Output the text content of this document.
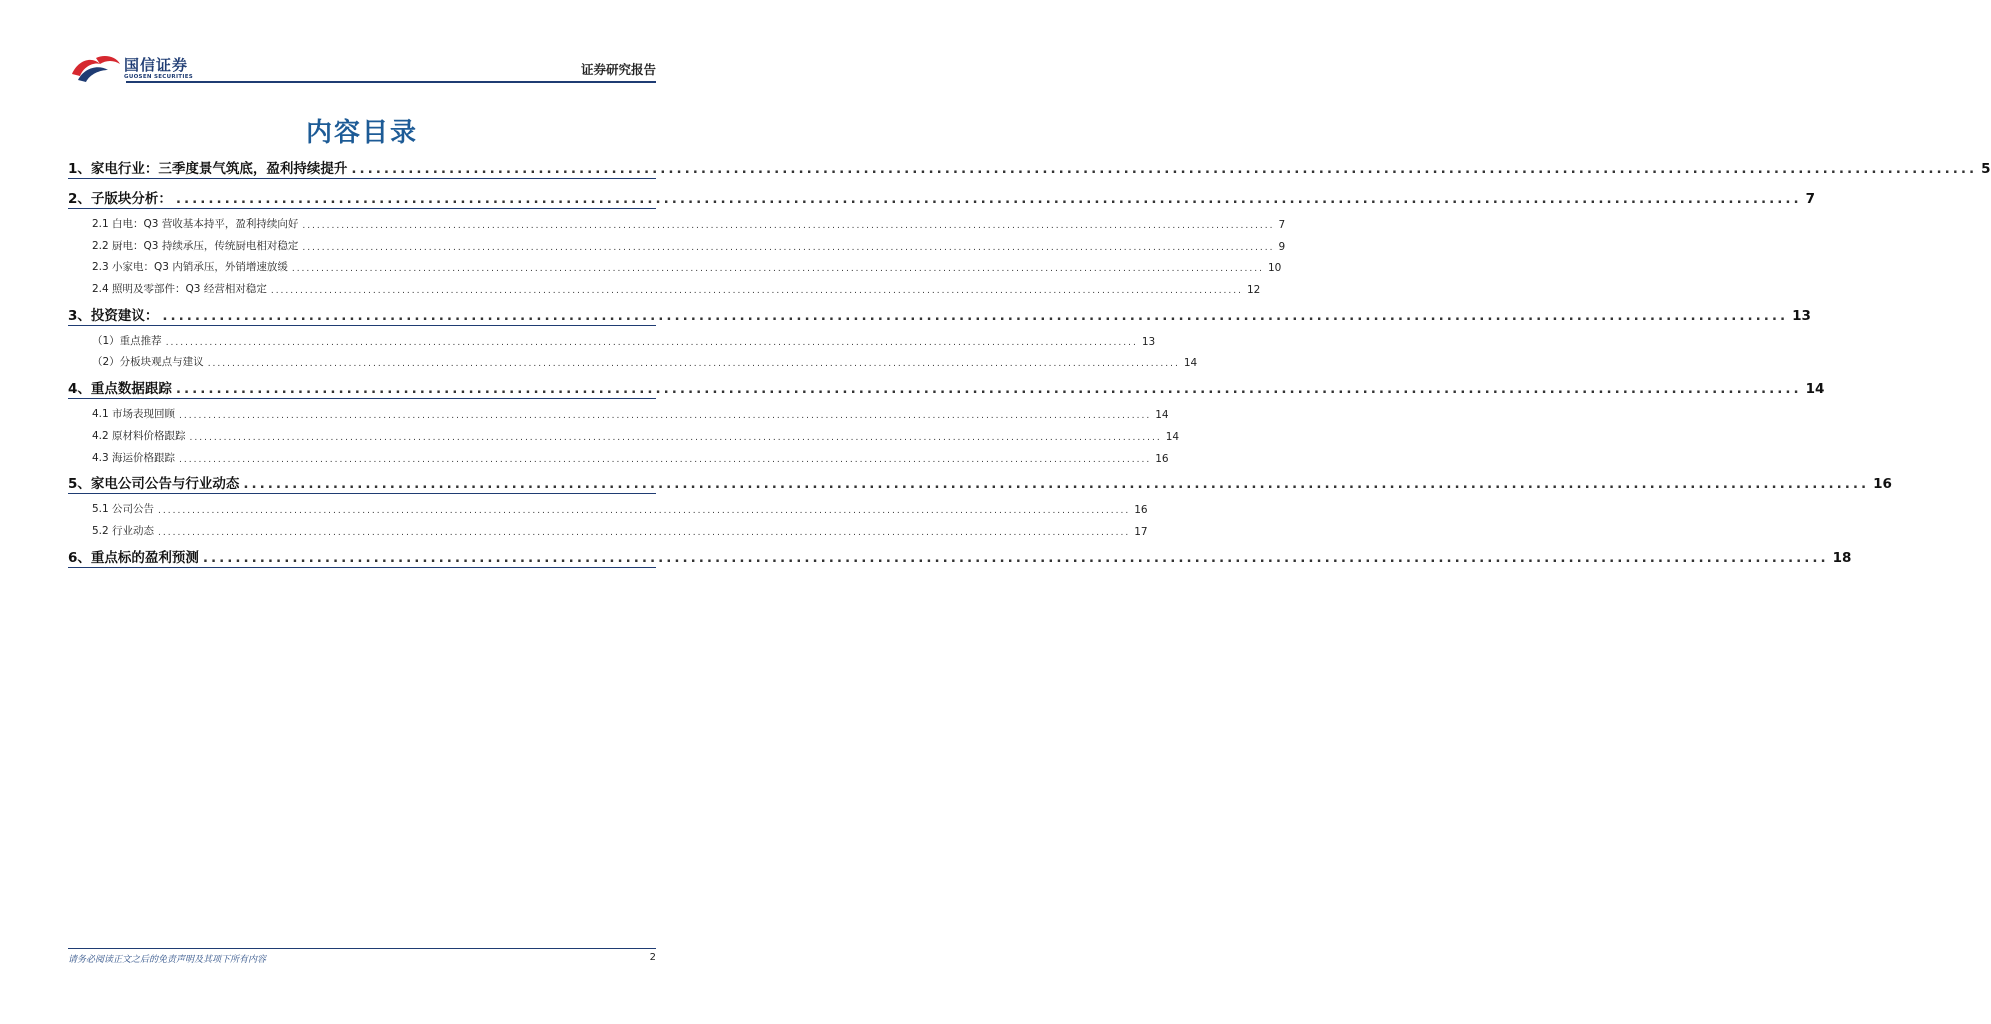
国信证券
GUOSEN SECURITIES	证券研究报告
内容目录
1、家电行业：三季度景气筑底，盈利持续提升 ........................................................................................................................................................................................................ 5
2、子版块分析： ........................................................................................................................................................................................................ 7
2.1 白电：Q3 营收基本持平，盈利持续向好 ........................................................................................................................................................................................................ 7
2.2 厨电：Q3 持续承压，传统厨电相对稳定 ........................................................................................................................................................................................................ 9
2.3 小家电：Q3 内销承压，外销增速放缓 ........................................................................................................................................................................................................ 10
2.4 照明及零部件：Q3 经营相对稳定 ........................................................................................................................................................................................................ 12
3、投资建议： ........................................................................................................................................................................................................ 13
（1）重点推荐 ........................................................................................................................................................................................................ 13
（2）分板块观点与建议 ........................................................................................................................................................................................................ 14
4、重点数据跟踪 ........................................................................................................................................................................................................ 14
4.1 市场表现回顾 ........................................................................................................................................................................................................ 14
4.2 原材料价格跟踪 ........................................................................................................................................................................................................ 14
4.3 海运价格跟踪 ........................................................................................................................................................................................................ 16
5、家电公司公告与行业动态 ........................................................................................................................................................................................................ 16
5.1 公司公告 ........................................................................................................................................................................................................ 16
5.2 行业动态 ........................................................................................................................................................................................................ 17
6、重点标的盈利预测 ........................................................................................................................................................................................................ 18
请务必阅读正文之后的免责声明及其项下所有内容	2
